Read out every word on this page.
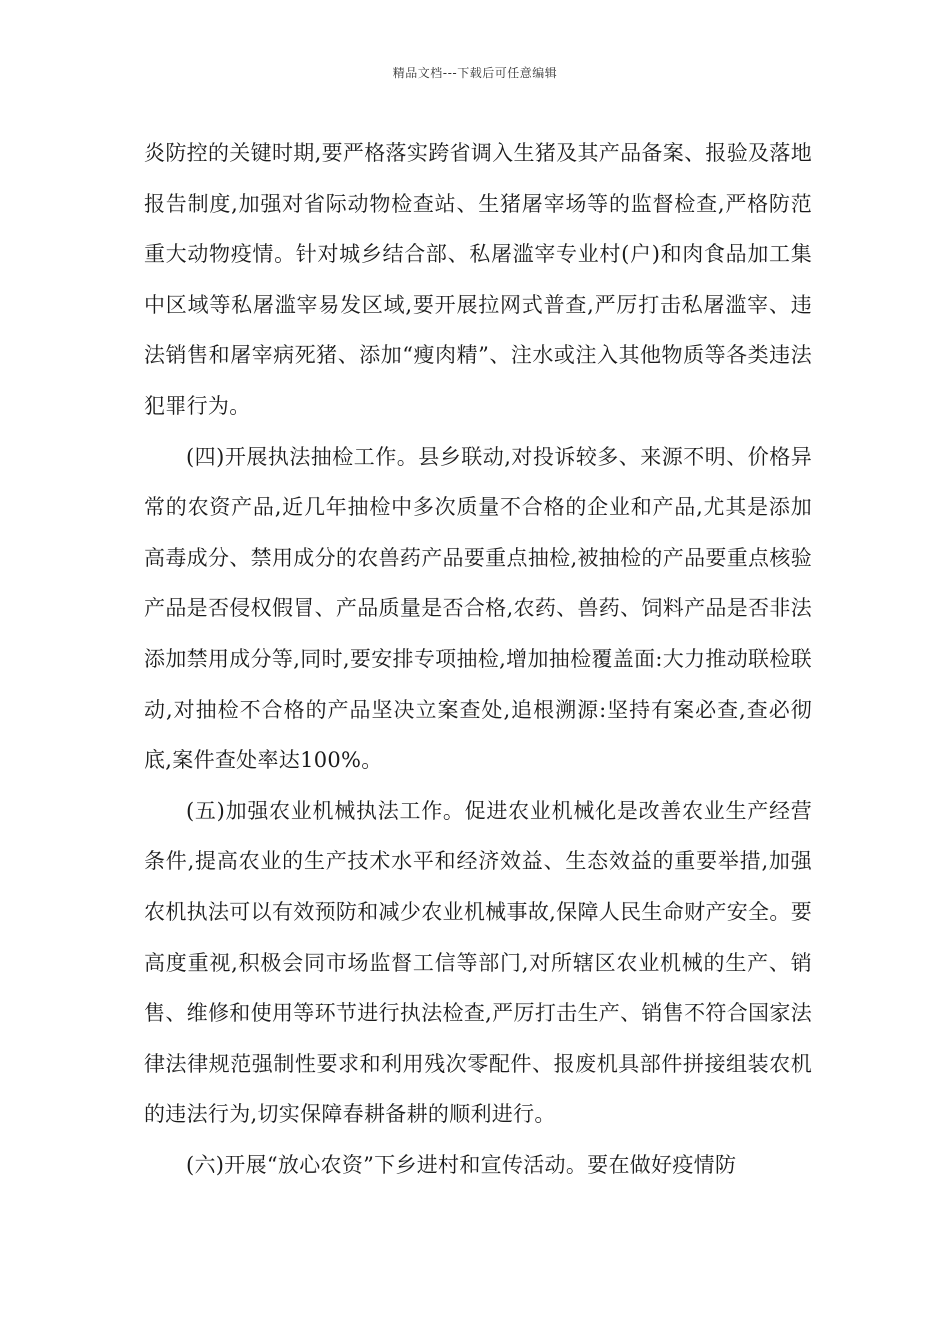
精品文档---下载后可任意编辑

炎防控的关键时期,要严格落实跨省调入生猪及其产品备案、报验及落地报告制度,加强对省际动物检查站、生猪屠宰场等的监督检查,严格防范重大动物疫情。针对城乡结合部、私屠滥宰专业村(户)和肉食品加工集中区域等私屠滥宰易发区域,要开展拉网式普查,严厉打击私屠滥宰、违法销售和屠宰病死猪、添加“瘦肉精”、注水或注入其他物质等各类违法犯罪行为。

(四)开展执法抽检工作。县乡联动,对投诉较多、来源不明、价格异常的农资产品,近几年抽检中多次质量不合格的企业和产品,尤其是添加高毒成分、禁用成分的农兽药产品要重点抽检,被抽检的产品要重点核验产品是否侵权假冒、产品质量是否合格,农药、兽药、饲料产品是否非法添加禁用成分等,同时,要安排专项抽检,增加抽检覆盖面:大力推动联检联动,对抽检不合格的产品坚决立案查处,追根溯源:坚持有案必查,查必彻底,案件查处率达100%。

(五)加强农业机械执法工作。促进农业机械化是改善农业生产经营条件,提高农业的生产技术水平和经济效益、生态效益的重要举措,加强农机执法可以有效预防和减少农业机械事故,保障人民生命财产安全。要高度重视,积极会同市场监督工信等部门,对所辖区农业机械的生产、销售、维修和使用等环节进行执法检查,严厉打击生产、销售不符合国家法律法律规范强制性要求和利用残次零配件、报废机具部件拼接组装农机的违法行为,切实保障春耕备耕的顺利进行。

(六)开展“放心农资”下乡进村和宣传活动。要在做好疫情防
